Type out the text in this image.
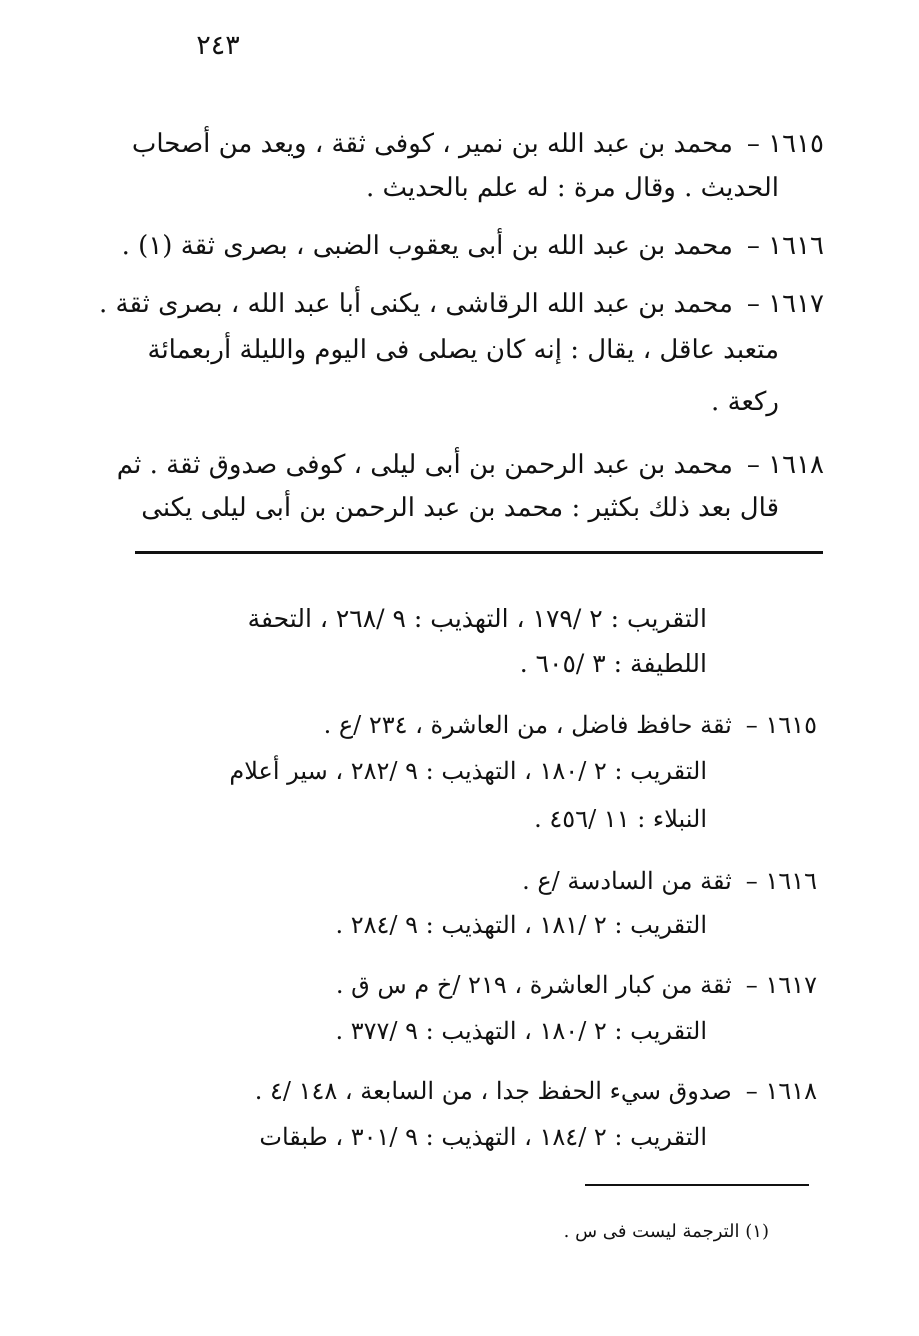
٢٤٣
١٦١٥ –محمد بن عبد الله بن نمير ، كوفى ثقة ، ويعد من أصحاب
الحديث . وقال مرة : له علم بالحديث .
١٦١٦ –محمد بن عبد الله بن أبى يعقوب الضبى ، بصرى ثقة (١) .
١٦١٧ –محمد بن عبد الله الرقاشى ، يكنى أبا عبد الله ، بصرى ثقة .
متعبد عاقل ، يقال : إنه كان يصلى فى اليوم والليلة أربعمائة
ركعة .
١٦١٨ –محمد بن عبد الرحمن بن أبى ليلى ، كوفى صدوق ثقة . ثم
قال بعد ذلك بكثير : محمد بن عبد الرحمن بن أبى ليلى يكنى
التقريب : ٢ /١٧٩ ، التهذيب : ٩ /٢٦٨ ، التحفة
اللطيفة : ٣ /٦٠٥ .
١٦١٥ –ثقة حافظ فاضل ، من العاشرة ، ٢٣٤ /ع .
التقريب : ٢ /١٨٠ ، التهذيب : ٩ /٢٨٢ ، سير أعلام
النبلاء : ١١ /٤٥٦ .
١٦١٦ –ثقة من السادسة /ع .
التقريب : ٢ /١٨١ ، التهذيب : ٩ /٢٨٤ .
١٦١٧ –ثقة من كبار العاشرة ، ٢١٩ /خ م س ق .
التقريب : ٢ /١٨٠ ، التهذيب : ٩ /٣٧٧ .
١٦١٨ –صدوق سيء الحفظ جدا ، من السابعة ، ١٤٨ /٤ .
التقريب : ٢ /١٨٤ ، التهذيب : ٩ /٣٠١ ، طبقات
(١) الترجمة ليست فى س .
